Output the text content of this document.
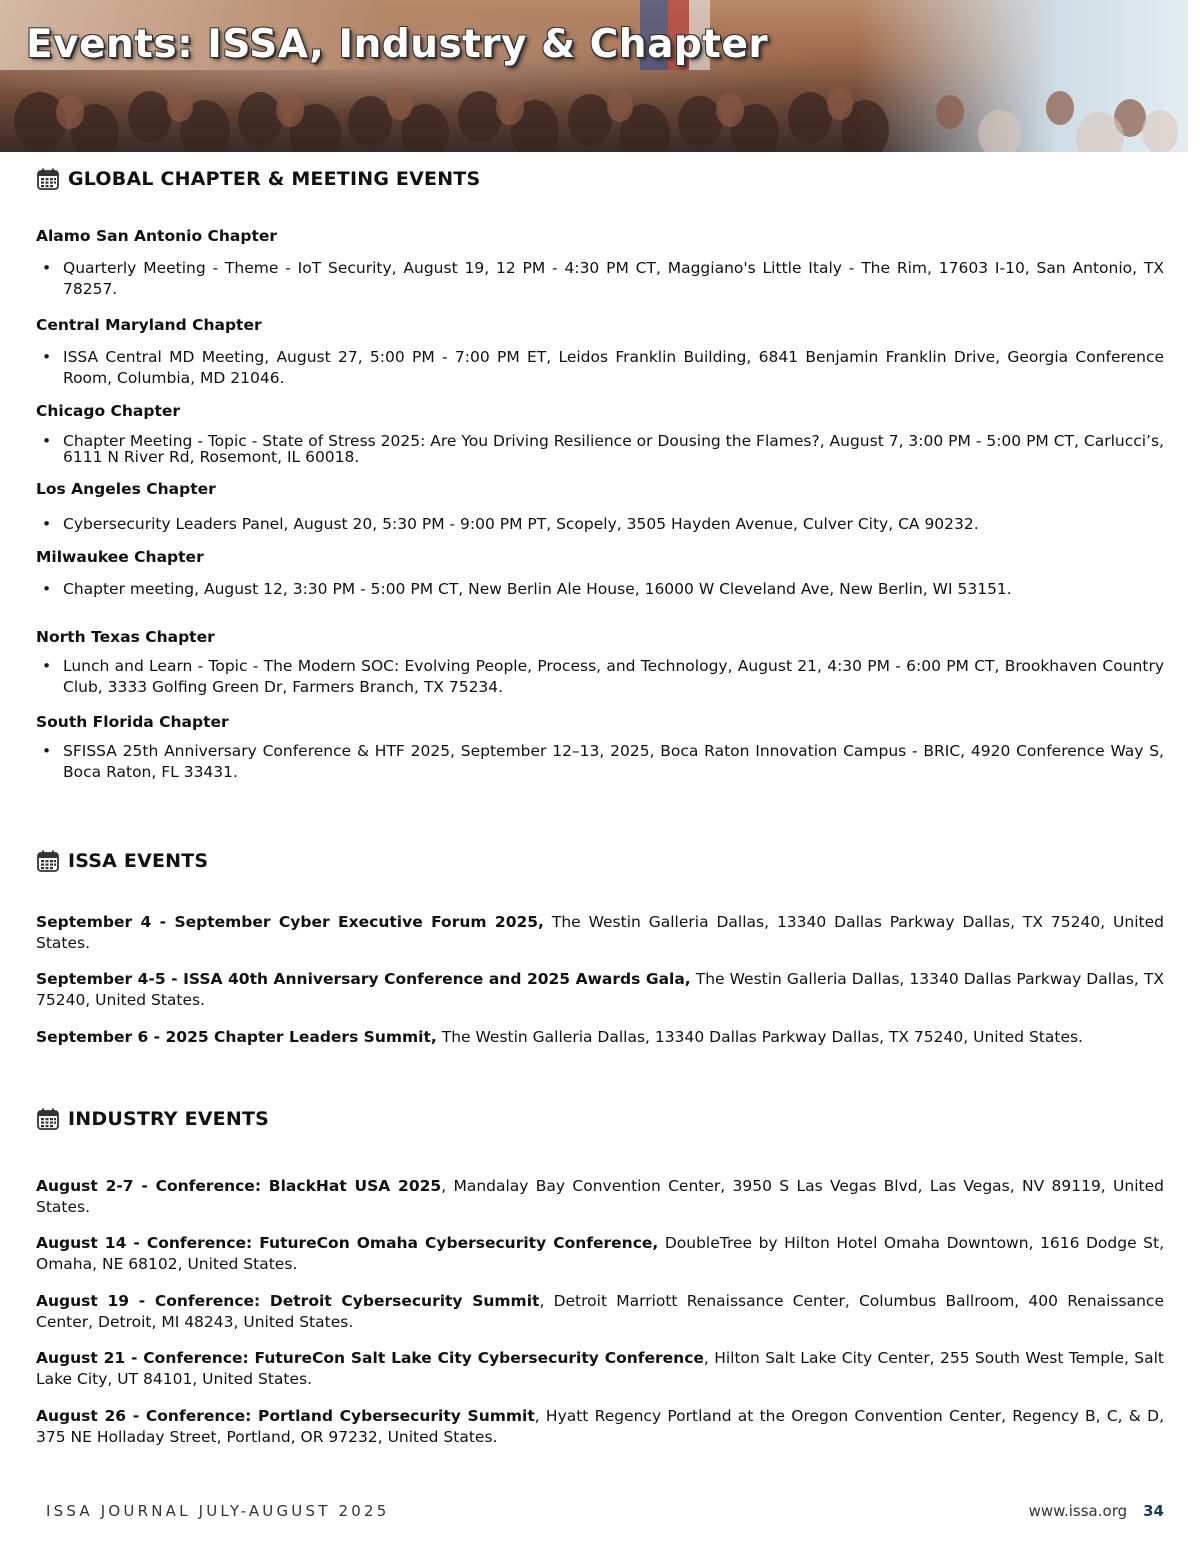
Events: ISSA, Industry & Chapter
GLOBAL CHAPTER & MEETING EVENTS
Alamo San Antonio Chapter
• Quarterly Meeting - Theme - IoT Security, August 19, 12 PM - 4:30 PM CT, Maggiano's Little Italy - The Rim, 17603 I-10, San Antonio, TX 78257.
Central Maryland Chapter
• ISSA Central MD Meeting, August 27, 5:00 PM - 7:00 PM ET, Leidos Franklin Building, 6841 Benjamin Franklin Drive, Georgia Conference Room, Columbia, MD 21046.
Chicago Chapter
• Chapter Meeting - Topic - State of Stress 2025: Are You Driving Resilience or Dousing the Flames?, August 7, 3:00 PM - 5:00 PM CT, Carlucci’s, 6111 N River Rd, Rosemont, IL 60018.
Los Angeles Chapter
• Cybersecurity Leaders Panel, August 20, 5:30 PM - 9:00 PM PT, Scopely, 3505 Hayden Avenue, Culver City, CA 90232.
Milwaukee Chapter
• Chapter meeting, August 12, 3:30 PM - 5:00 PM CT, New Berlin Ale House, 16000 W Cleveland Ave, New Berlin, WI 53151.
North Texas Chapter
• Lunch and Learn - Topic - The Modern SOC: Evolving People, Process, and Technology, August 21, 4:30 PM - 6:00 PM CT, Brookhaven Country Club, 3333 Golfing Green Dr, Farmers Branch, TX 75234.
South Florida Chapter
• SFISSA 25th Anniversary Conference & HTF 2025, September 12–13, 2025, Boca Raton Innovation Campus - BRIC, 4920 Conference Way S, Boca Raton, FL 33431.
ISSA EVENTS
September 4 - September Cyber Executive Forum 2025, The Westin Galleria Dallas, 13340 Dallas Parkway Dallas, TX 75240, United States.
September 4-5 - ISSA 40th Anniversary Conference and 2025 Awards Gala, The Westin Galleria Dallas, 13340 Dallas Parkway Dallas, TX 75240, United States.
September 6 - 2025 Chapter Leaders Summit, The Westin Galleria Dallas, 13340 Dallas Parkway Dallas, TX 75240, United States.
INDUSTRY EVENTS
August 2-7 - Conference: BlackHat USA 2025, Mandalay Bay Convention Center, 3950 S Las Vegas Blvd, Las Vegas, NV 89119, United States.
August 14 - Conference: FutureCon Omaha Cybersecurity Conference, DoubleTree by Hilton Hotel Omaha Downtown, 1616 Dodge St, Omaha, NE 68102, United States.
August 19 - Conference: Detroit Cybersecurity Summit, Detroit Marriott Renaissance Center, Columbus Ballroom, 400 Renaissance Center, Detroit, MI 48243, United States.
August 21 - Conference: FutureCon Salt Lake City Cybersecurity Conference, Hilton Salt Lake City Center, 255 South West Temple, Salt Lake City, UT 84101, United States.
August 26 - Conference: Portland Cybersecurity Summit, Hyatt Regency Portland at the Oregon Convention Center, Regency B, C, & D, 375 NE Holladay Street, Portland, OR 97232, United States.
ISSA JOURNAL JULY-AUGUST 2025	www.issa.org 34
